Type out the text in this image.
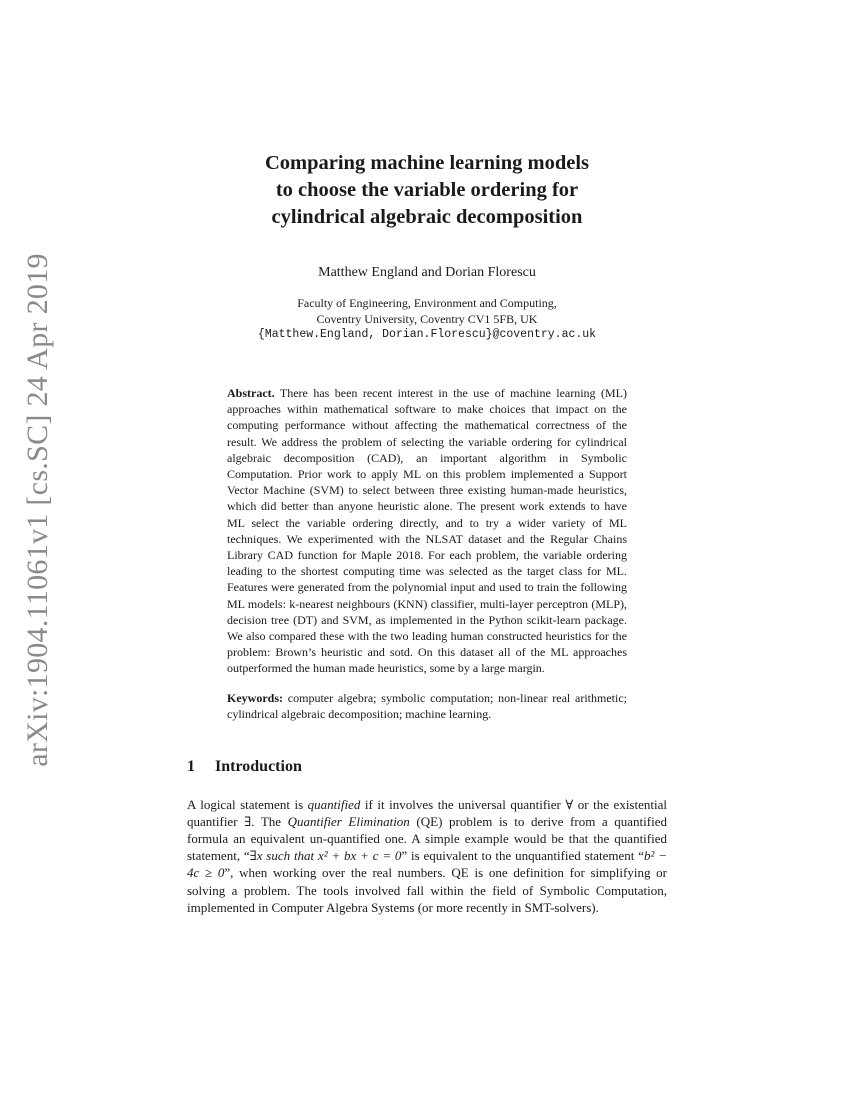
arXiv:1904.11061v1 [cs.SC] 24 Apr 2019
Comparing machine learning models
to choose the variable ordering for
cylindrical algebraic decomposition
Matthew England and Dorian Florescu
Faculty of Engineering, Environment and Computing,
Coventry University, Coventry CV1 5FB, UK
{Matthew.England, Dorian.Florescu}@coventry.ac.uk
Abstract. There has been recent interest in the use of machine learning (ML) approaches within mathematical software to make choices that impact on the computing performance without affecting the mathematical correctness of the result. We address the problem of selecting the variable ordering for cylindrical algebraic decomposition (CAD), an important algorithm in Symbolic Computation. Prior work to apply ML on this problem implemented a Support Vector Machine (SVM) to select between three existing human-made heuristics, which did better than anyone heuristic alone. The present work extends to have ML select the variable ordering directly, and to try a wider variety of ML techniques. We experimented with the NLSAT dataset and the Regular Chains Library CAD function for Maple 2018. For each problem, the variable ordering leading to the shortest computing time was selected as the target class for ML. Features were generated from the polynomial input and used to train the following ML models: k-nearest neighbours (KNN) classifier, multi-layer perceptron (MLP), decision tree (DT) and SVM, as implemented in the Python scikit-learn package. We also compared these with the two leading human constructed heuristics for the problem: Brown’s heuristic and sotd. On this dataset all of the ML approaches outperformed the human made heuristics, some by a large margin.
Keywords: computer algebra; symbolic computation; non-linear real arithmetic; cylindrical algebraic decomposition; machine learning.
1 Introduction
A logical statement is quantified if it involves the universal quantifier ∀ or the existential quantifier ∃. The Quantifier Elimination (QE) problem is to derive from a quantified formula an equivalent un-quantified one. A simple example would be that the quantified statement, “∃x such that x² + bx + c = 0” is equivalent to the unquantified statement “b² − 4c ≥ 0”, when working over the real numbers. QE is one definition for simplifying or solving a problem. The tools involved fall within the field of Symbolic Computation, implemented in Computer Algebra Systems (or more recently in SMT-solvers).
